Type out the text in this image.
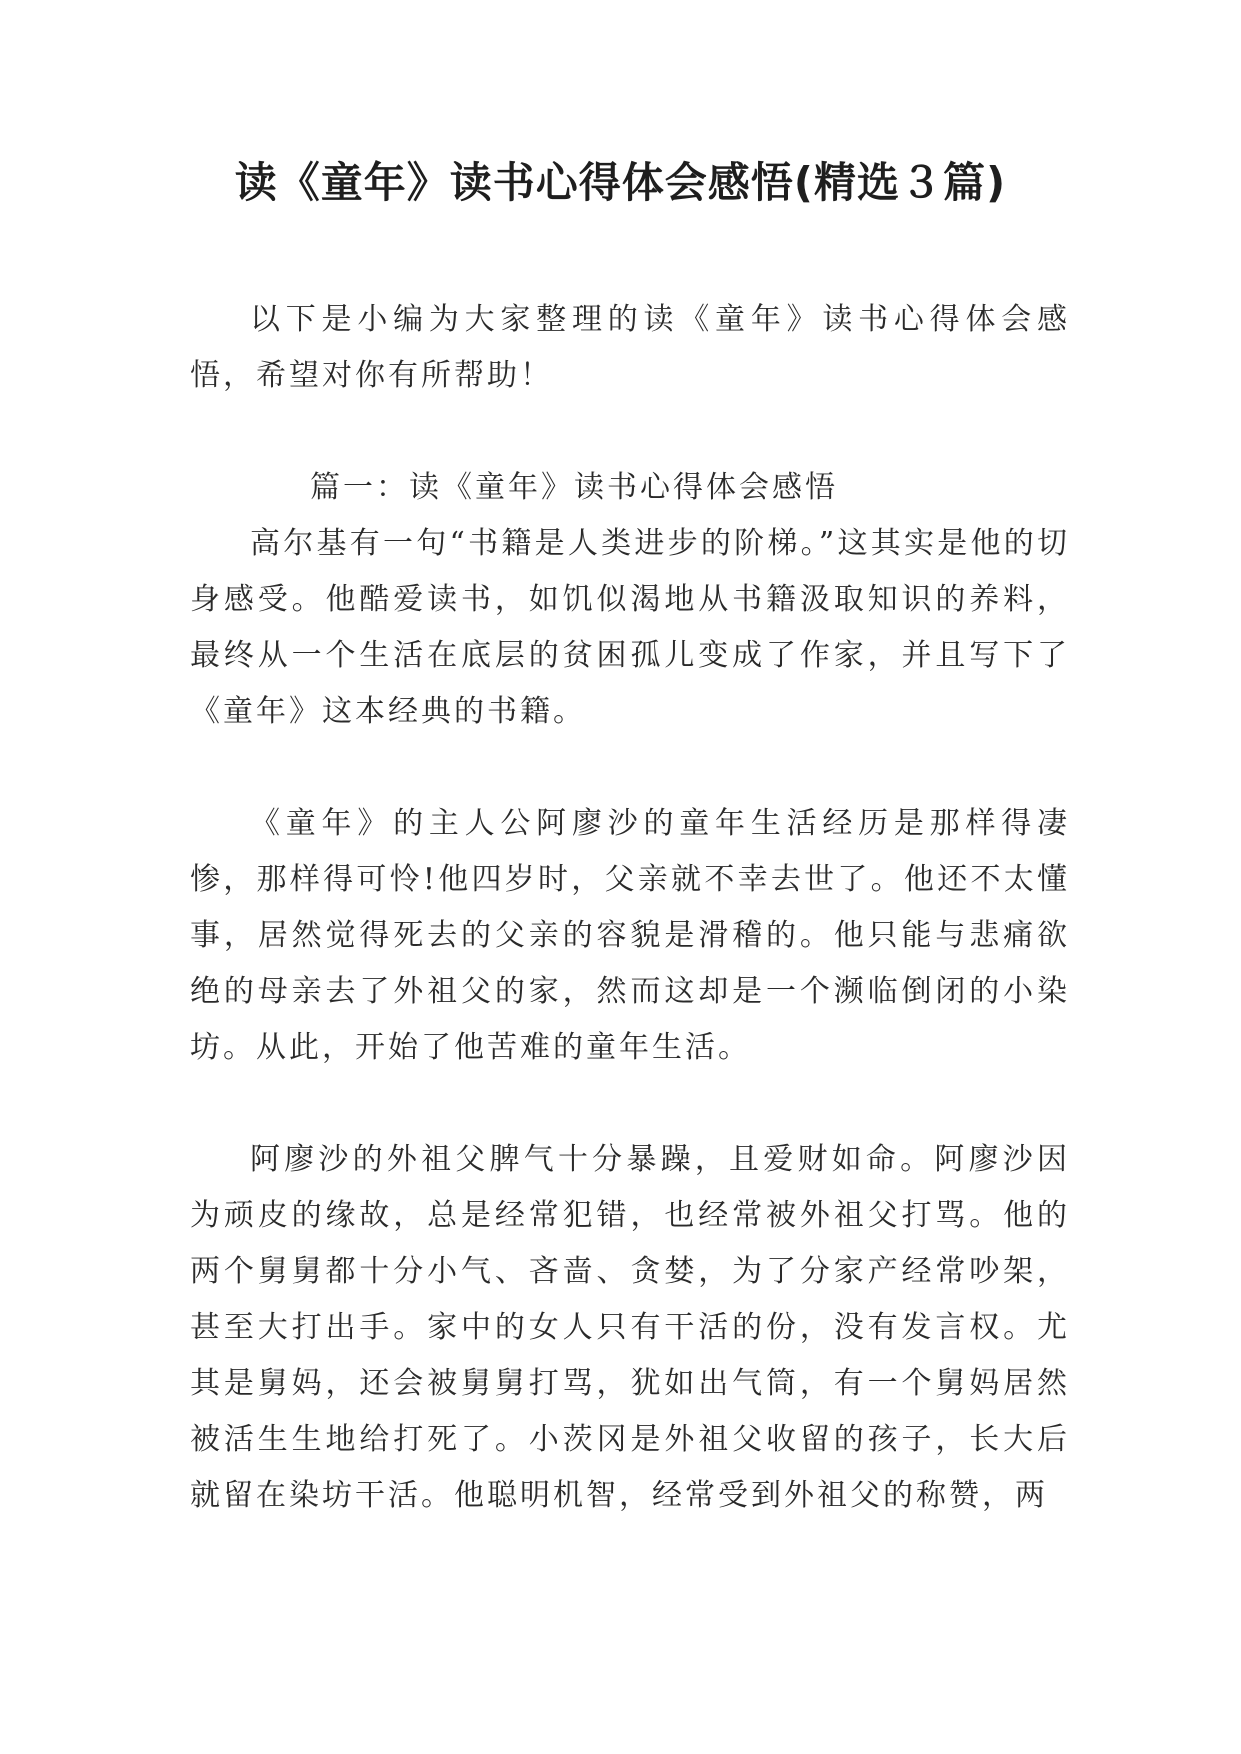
读《童年》读书心得体会感悟(精选３篇)

以下是小编为大家整理的读《童年》读书心得体会感悟，希望对你有所帮助！

篇一：读《童年》读书心得体会感悟

高尔基有一句“书籍是人类进步的阶梯。”这其实是他的切身感受。他酷爱读书，如饥似渴地从书籍汲取知识的养料，最终从一个生活在底层的贫困孤儿变成了作家，并且写下了《童年》这本经典的书籍。

《童年》的主人公阿廖沙的童年生活经历是那样得凄惨，那样得可怜!他四岁时，父亲就不幸去世了。他还不太懂事，居然觉得死去的父亲的容貌是滑稽的。他只能与悲痛欲绝的母亲去了外祖父的家，然而这却是一个濒临倒闭的小染坊。从此，开始了他苦难的童年生活。

阿廖沙的外祖父脾气十分暴躁，且爱财如命。阿廖沙因为顽皮的缘故，总是经常犯错，也经常被外祖父打骂。他的两个舅舅都十分小气、吝啬、贪婪，为了分家产经常吵架，甚至大打出手。家中的女人只有干活的份，没有发言权。尤其是舅妈，还会被舅舅打骂，犹如出气筒，有一个舅妈居然被活生生地给打死了。小茨冈是外祖父收留的孩子，长大后就留在染坊干活。他聪明机智，经常受到外祖父的称赞，两
